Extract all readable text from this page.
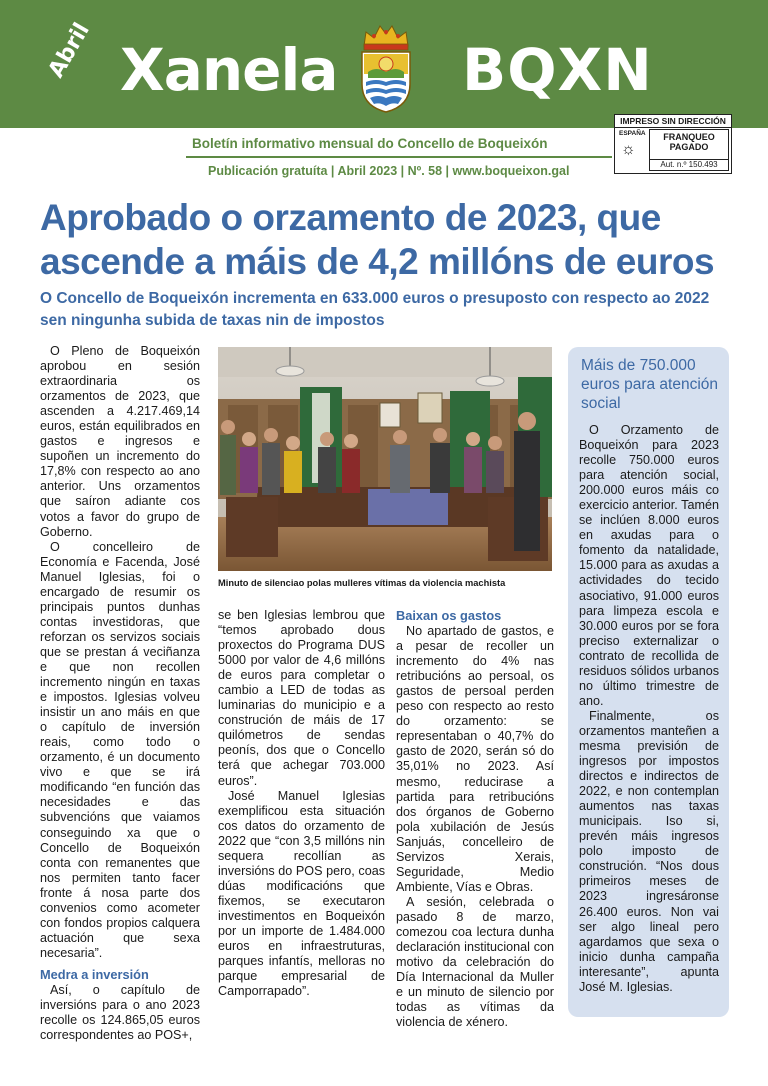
Abril Xanela BQXN
IMPRESO SIN DIRECCIÓN
ESPAÑA
☼
FRANQUEO
PAGADO
Aut. n.º 150.493
Boletín informativo mensual do Concello de Boqueixón
Publicación gratuíta | Abril 2023 | Nº. 58 | www.boqueixon.gal
Aprobado o orzamento de 2023, que ascende a máis de 4,2 millóns de euros
O Concello de Boqueixón incrementa en 633.000 euros o presuposto con respecto ao 2022 sen ningunha subida de taxas nin de impostos

O Pleno de Boqueixón aprobou en sesión extraordinaria os orzamentos de 2023, que ascenden a 4.217.469,14 euros, están equilibrados en gastos e ingresos e supoñen un incremento do 17,8% con respecto ao ano anterior. Uns orzamentos que saíron adiante cos votos a favor do grupo de Goberno.

O concelleiro de Economía e Facenda, José Manuel Iglesias, foi o encargado de resumir os principais puntos dunhas contas investidoras, que reforzan os servizos sociais que se prestan á veciñanza e que non recollen incremento ningún en taxas e impostos. Iglesias volveu insistir un ano máis en que o capítulo de inversión reais, como todo o orzamento, é un documento vivo e que se irá modificando “en función das necesidades e das subvencións que vaiamos conseguindo xa que o Concello de Boqueixón conta con remanentes que nos permiten tanto facer fronte á nosa parte dos convenios como acometer con fondos propios calquera actuación que sexa necesaria”.

Medra a inversión

Así, o capítulo de inversións para o ano 2023 recolle os 124.865,05 euros correspondentes ao POS+,

Minuto de silenciao polas mulleres vítimas da violencia machista

se ben Iglesias lembrou que “temos aprobado dous proxectos do Programa DUS 5000 por valor de 4,6 millóns de euros para completar o cambio a LED de todas as luminarias do municipio e a construción de máis de 17 quilómetros de sendas peonís, dos que o Concello terá que achegar 703.000 euros”.

José Manuel Iglesias exemplificou esta situación cos datos do orzamento de 2022 que “con 3,5 millóns nin sequera recollían as inversións do POS pero, coas dúas modificacións que fixemos, se executaron investimentos en Boqueixón por un importe de 1.484.000 euros en infraestruturas, parques infantís, melloras no parque empresarial de Camporrapado”.

Baixan os gastos

No apartado de gastos, e a pesar de recoller un incremento do 4% nas retribucións ao persoal, os gastos de persoal perden peso con respecto ao resto do orzamento: se representaban o 40,7% do gasto de 2020, serán só do 35,01% no 2023. Así mesmo, reducirase a partida para retribucións dos órganos de Goberno pola xubilación de Jesús Sanjuás, concelleiro de Servizos Xerais, Seguridade, Medio Ambiente, Vías e Obras.

A sesión, celebrada o pasado 8 de marzo, comezou coa lectura dunha declaración institucional con motivo da celebración do Día Internacional da Muller e un minuto de silencio por todas as vítimas da violencia de xénero.

Máis de 750.000 euros para atención social

O Orzamento de Boqueixón para 2023 recolle 750.000 euros para atención social, 200.000 euros máis co exercicio anterior. Tamén se inclúen 8.000 euros en axudas para o fomento da natalidade, 15.000 para as axudas a actividades do tecido asociativo, 91.000 euros para limpeza escola e 30.000 euros por se fora preciso externalizar o contrato de recollida de residuos sólidos urbanos no último trimestre de ano.

Finalmente, os orzamentos manteñen a mesma previsión de ingresos por impostos directos e indirectos de 2022, e non contemplan aumentos nas taxas municipais. Iso si, prevén máis ingresos polo imposto de construción. “Nos dous primeiros meses de 2023 ingresáronse 26.400 euros. Non vai ser algo lineal pero agardamos que sexa o inicio dunha campaña interesante”, apunta José M. Iglesias.
